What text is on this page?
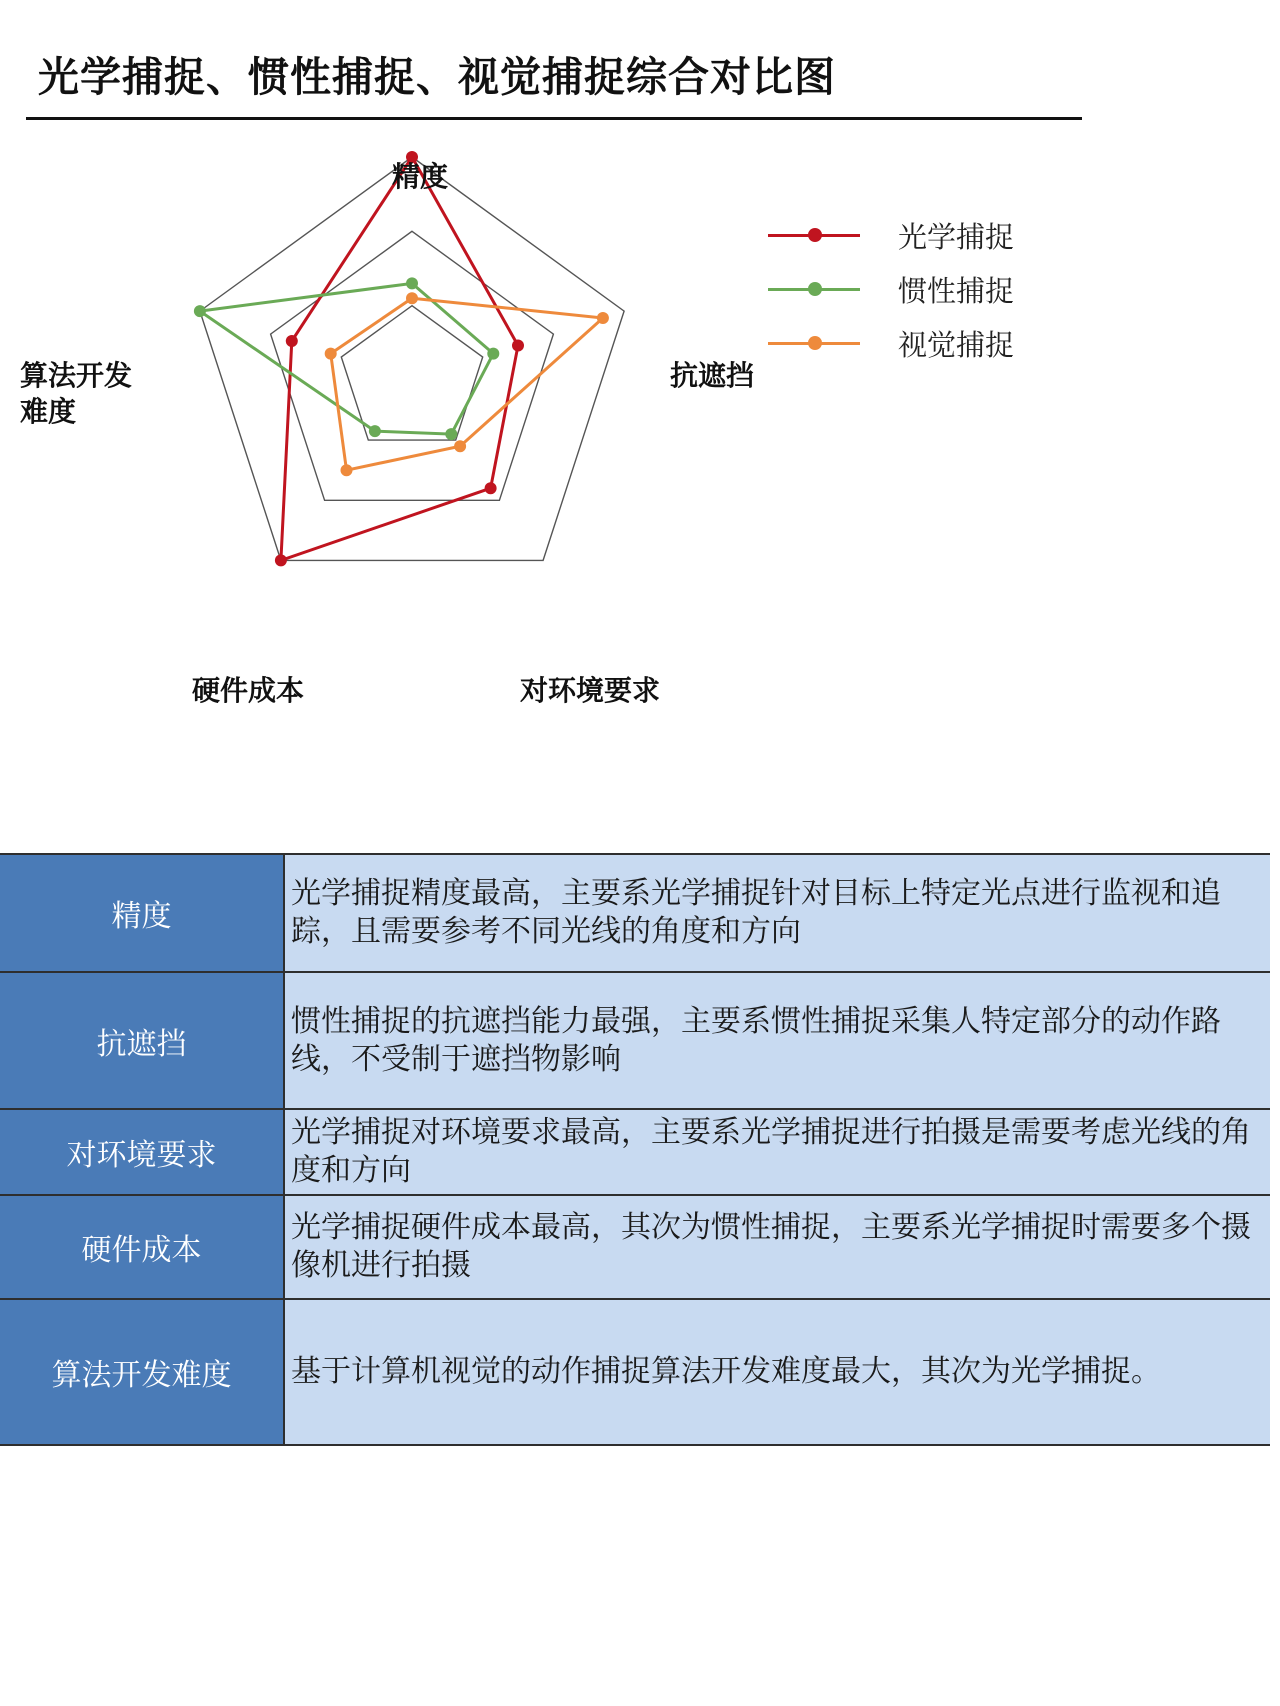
光学捕捉、惯性捕捉、视觉捕捉综合对比图
精度
抗遮挡
对环境要求
硬件成本
算法开发难度
光学捕捉
惯性捕捉
视觉捕捉
精度	光学捕捉精度最高，主要系光学捕捉针对目标上特定光点进行监视和追踪，且需要参考不同光线的角度和方向
抗遮挡	惯性捕捉的抗遮挡能力最强，主要系惯性捕捉采集人特定部分的动作路线，不受制于遮挡物影响
对环境要求	光学捕捉对环境要求最高，主要系光学捕捉进行拍摄是需要考虑光线的角度和方向
硬件成本	光学捕捉硬件成本最高，其次为惯性捕捉，主要系光学捕捉时需要多个摄像机进行拍摄
算法开发难度	基于计算机视觉的动作捕捉算法开发难度最大，其次为光学捕捉。
